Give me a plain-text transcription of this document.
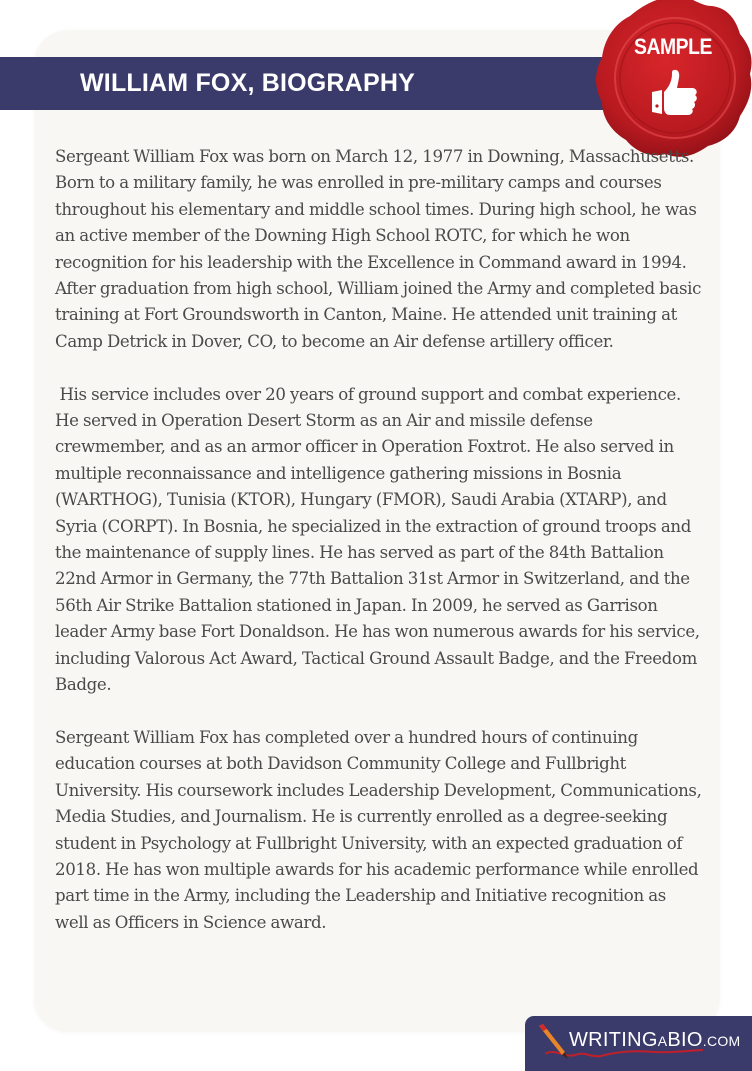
WILLIAM FOX, BIOGRAPHY
SAMPLE

Sergeant William Fox was born on March 12, 1977 in Downing, Massachusetts. Born to a military family, he was enrolled in pre-military camps and courses throughout his elementary and middle school times. During high school, he was an active member of the Downing High School ROTC, for which he won recognition for his leadership with the Excellence in Command award in 1994. After graduation from high school, William joined the Army and completed basic training at Fort Groundsworth in Canton, Maine. He attended unit training at Camp Detrick in Dover, CO, to become an Air defense artillery officer.

His service includes over 20 years of ground support and combat experience. He served in Operation Desert Storm as an Air and missile defense crewmember, and as an armor officer in Operation Foxtrot. He also served in multiple reconnaissance and intelligence gathering missions in Bosnia (WARTHOG), Tunisia (KTOR), Hungary (FMOR), Saudi Arabia (XTARP), and Syria (CORPT). In Bosnia, he specialized in the extraction of ground troops and the maintenance of supply lines. He has served as part of the 84th Battalion 22nd Armor in Germany, the 77th Battalion 31st Armor in Switzerland, and the 56th Air Strike Battalion stationed in Japan. In 2009, he served as Garrison leader Army base Fort Donaldson. He has won numerous awards for his service, including Valorous Act Award, Tactical Ground Assault Badge, and the Freedom Badge.

Sergeant William Fox has completed over a hundred hours of continuing education courses at both Davidson Community College and Fullbright University. His coursework includes Leadership Development, Communications, Media Studies, and Journalism. He is currently enrolled as a degree-seeking student in Psychology at Fullbright University, with an expected graduation of 2018. He has won multiple awards for his academic performance while enrolled part time in the Army, including the Leadership and Initiative recognition as well as Officers in Science award.

WRITINGABIO.COM
